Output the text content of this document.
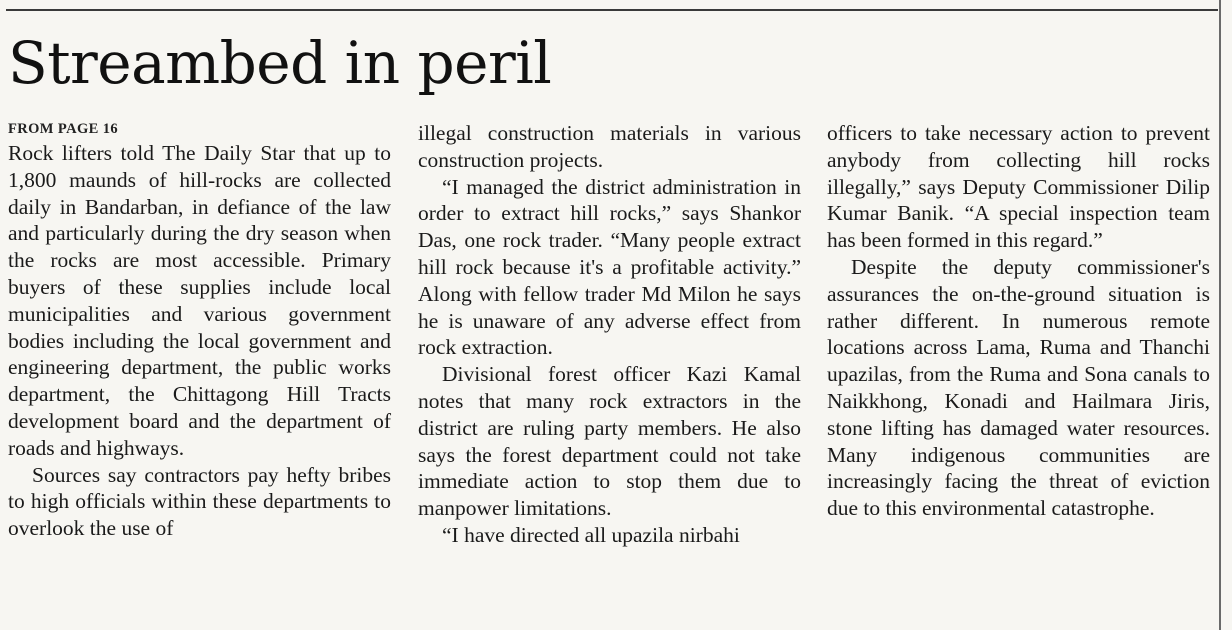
Streambed in peril
FROM PAGE 16

Rock lifters told The Daily Star that up to 1,800 maunds of hill-rocks are collected daily in Bandarban, in defiance of the law and particularly during the dry season when the rocks are most accessible. Primary buyers of these supplies include local municipalities and various government bodies including the local government and engineering department, the public works department, the Chittagong Hill Tracts development board and the department of roads and highways.

Sources say contractors pay hefty bribes to high officials within these departments to overlook the use of

illegal construction materials in various construction projects.

“I managed the district administration in order to extract hill rocks,” says Shankor Das, one rock trader. “Many people extract hill rock because it's a profitable activity.” Along with fellow trader Md Milon he says he is unaware of any adverse effect from rock extraction.

Divisional forest officer Kazi Kamal notes that many rock extractors in the district are ruling party members. He also says the forest department could not take immediate action to stop them due to manpower limitations.

“I have directed all upazila nirbahi

officers to take necessary action to prevent anybody from collecting hill rocks illegally,” says Deputy Commissioner Dilip Kumar Banik. “A special inspection team has been formed in this regard.”

Despite the deputy commissioner's assurances the on-the-ground situation is rather different. In numerous remote locations across Lama, Ruma and Thanchi upazilas, from the Ruma and Sona canals to Naikkhong, Konadi and Hailmara Jiris, stone lifting has damaged water resources. Many indigenous communities are increasingly facing the threat of eviction due to this environmental catastrophe.
